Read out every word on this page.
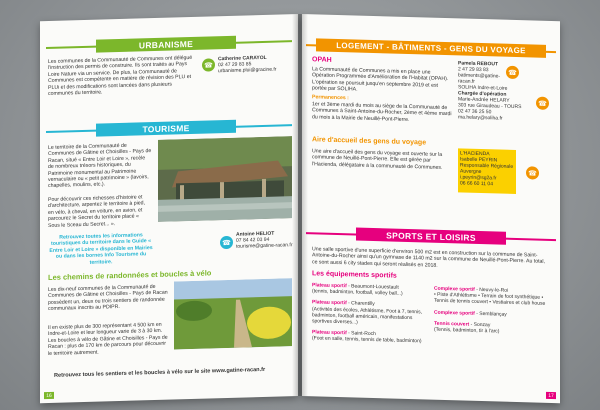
URBANISME
Les communes de la Communauté de Communes ont délégué l'instruction des permis de construire. Ils sont traités au Pays Loire Nature via un service. De plus, la Communauté de Communes est compétente en matière de révision des PLU et PLUi et des modifications sont lancées dans plusieurs communes du territoire.
☎
Catherine CARAYOL
02 47 29 83 85
urbanisme.plui@gracine.fr
TOURISME
Le territoire de la Communauté de Communes de Gâtine et Choisilles - Pays de Racan, situé « Entre Loir et Loire », recèle de nombreux trésors historiques, du Patrimoine monumental au Patrimoine vernaculaire ou « petit patrimoine » (lavoirs, chapelles, moulins, etc.).
Pour découvrir ces richesses d'histoire et d'architecture, arpentez le territoire à pied, en vélo, à cheval, en voiture, en avion, et parcourez le Secret du territoire placé « Sous le Sceau du Secret... ».
Retrouvez toutes les informations touristiques du territoire dans le Guide « Entre Loir et Loire » disponible en Mairies ou dans les bornes Info Tourisme du territoire.
☎
Antoine HELIOT
07 84 42 03 94
tourisme@gatine-racan.fr
Les chemins de randonnées et boucles à vélo
Les dix-neuf communes de la Communauté de Communes de Gâtine et Choisilles - Pays de Racan possèdent un, deux ou trois sentiers de randonnée communaux inscrits au PDIPR.
Il en existe plus de 300 représentant 4 500 km en Indre-et-Loire et leur longueur varie de 3 à 30 km. Les boucles à vélo de Gâtine et Choisilles - Pays de Racan : plus de 170 km de parcours pour découvrir le territoire autrement.
Retrouvez tous les sentiers et les boucles à vélo sur le site www.gatine-racan.fr
16
LOGEMENT - BÂTIMENTS - GENS DU VOYAGE
OPAH
La Communauté de Communes a mis en place une Opération Programmée d'Amélioration de l'Habitat (OPAH). L'opération se poursuit jusqu'en septembre 2019 et est portée par SOLIHA.
Permanences :
1er et 3ème mardi du mois au siège de la Communauté de Communes à Saint-Antoine-du-Rocher, 2ème et 4ème mardi du mois à la Mairie de Neuillé-Pont-Pierre.
☎
Pamela REBOUT
2 47 29 83 83
batiments@gatine-racan.fr
SOLIHA Indre-et-Loire
Chargée d'opération
Marie-Andrée HELARY
303 rue Giraudeau - TOURS
02 47 36 25 50
ma.helary@soliha.fr
☎
Aire d'accueil des gens du voyage
Une aire d'accueil des gens du voyage est ouverte sur la commune de Neuillé-Pont-Pierre. Elle est gérée par l'Hacienda, délégataire à la communauté de Communes.
L'HACIENDA
Isabelle PEYRIN
Responsable Régionale Auvergne
i.peyrin@sg2a.fr
06 66 60 11 04
☎
SPORTS ET LOISIRS
Une salle sportive d'une superficie d'environ 500 m2 est en construction sur la commune de Saint-Antoine-du-Rocher ainsi qu'un gymnase de 1140 m2 sur la commune de Neuillé-Pont-Pierre. Au total, ce sont aussi 6 city stades qui seront réalisés en 2018.
Les équipements sportifs
Plateau sportif - Beaumont-Louestault
(tennis, badminton, football, volley ball...)
Plateau sportif - Charentilly
(Activités des écoles, Athlétisme, Foot à 7, tennis, badminton, football américain, manifestations sportives diverses...)
Plateau sportif - Saint-Roch
(Foot en salle, tennis, tennis de table, badminton)
Complexe sportif - Neuvy-le-Roi
• Piste d'Athlétisme • Terrain de foot synthétique • Tennis de tennis couvert • Vestiaires et club house
Complexe sportif - Semblançay
Tennis couvert - Sonzay
(Tennis, badminton, tir à l'arc)
17
